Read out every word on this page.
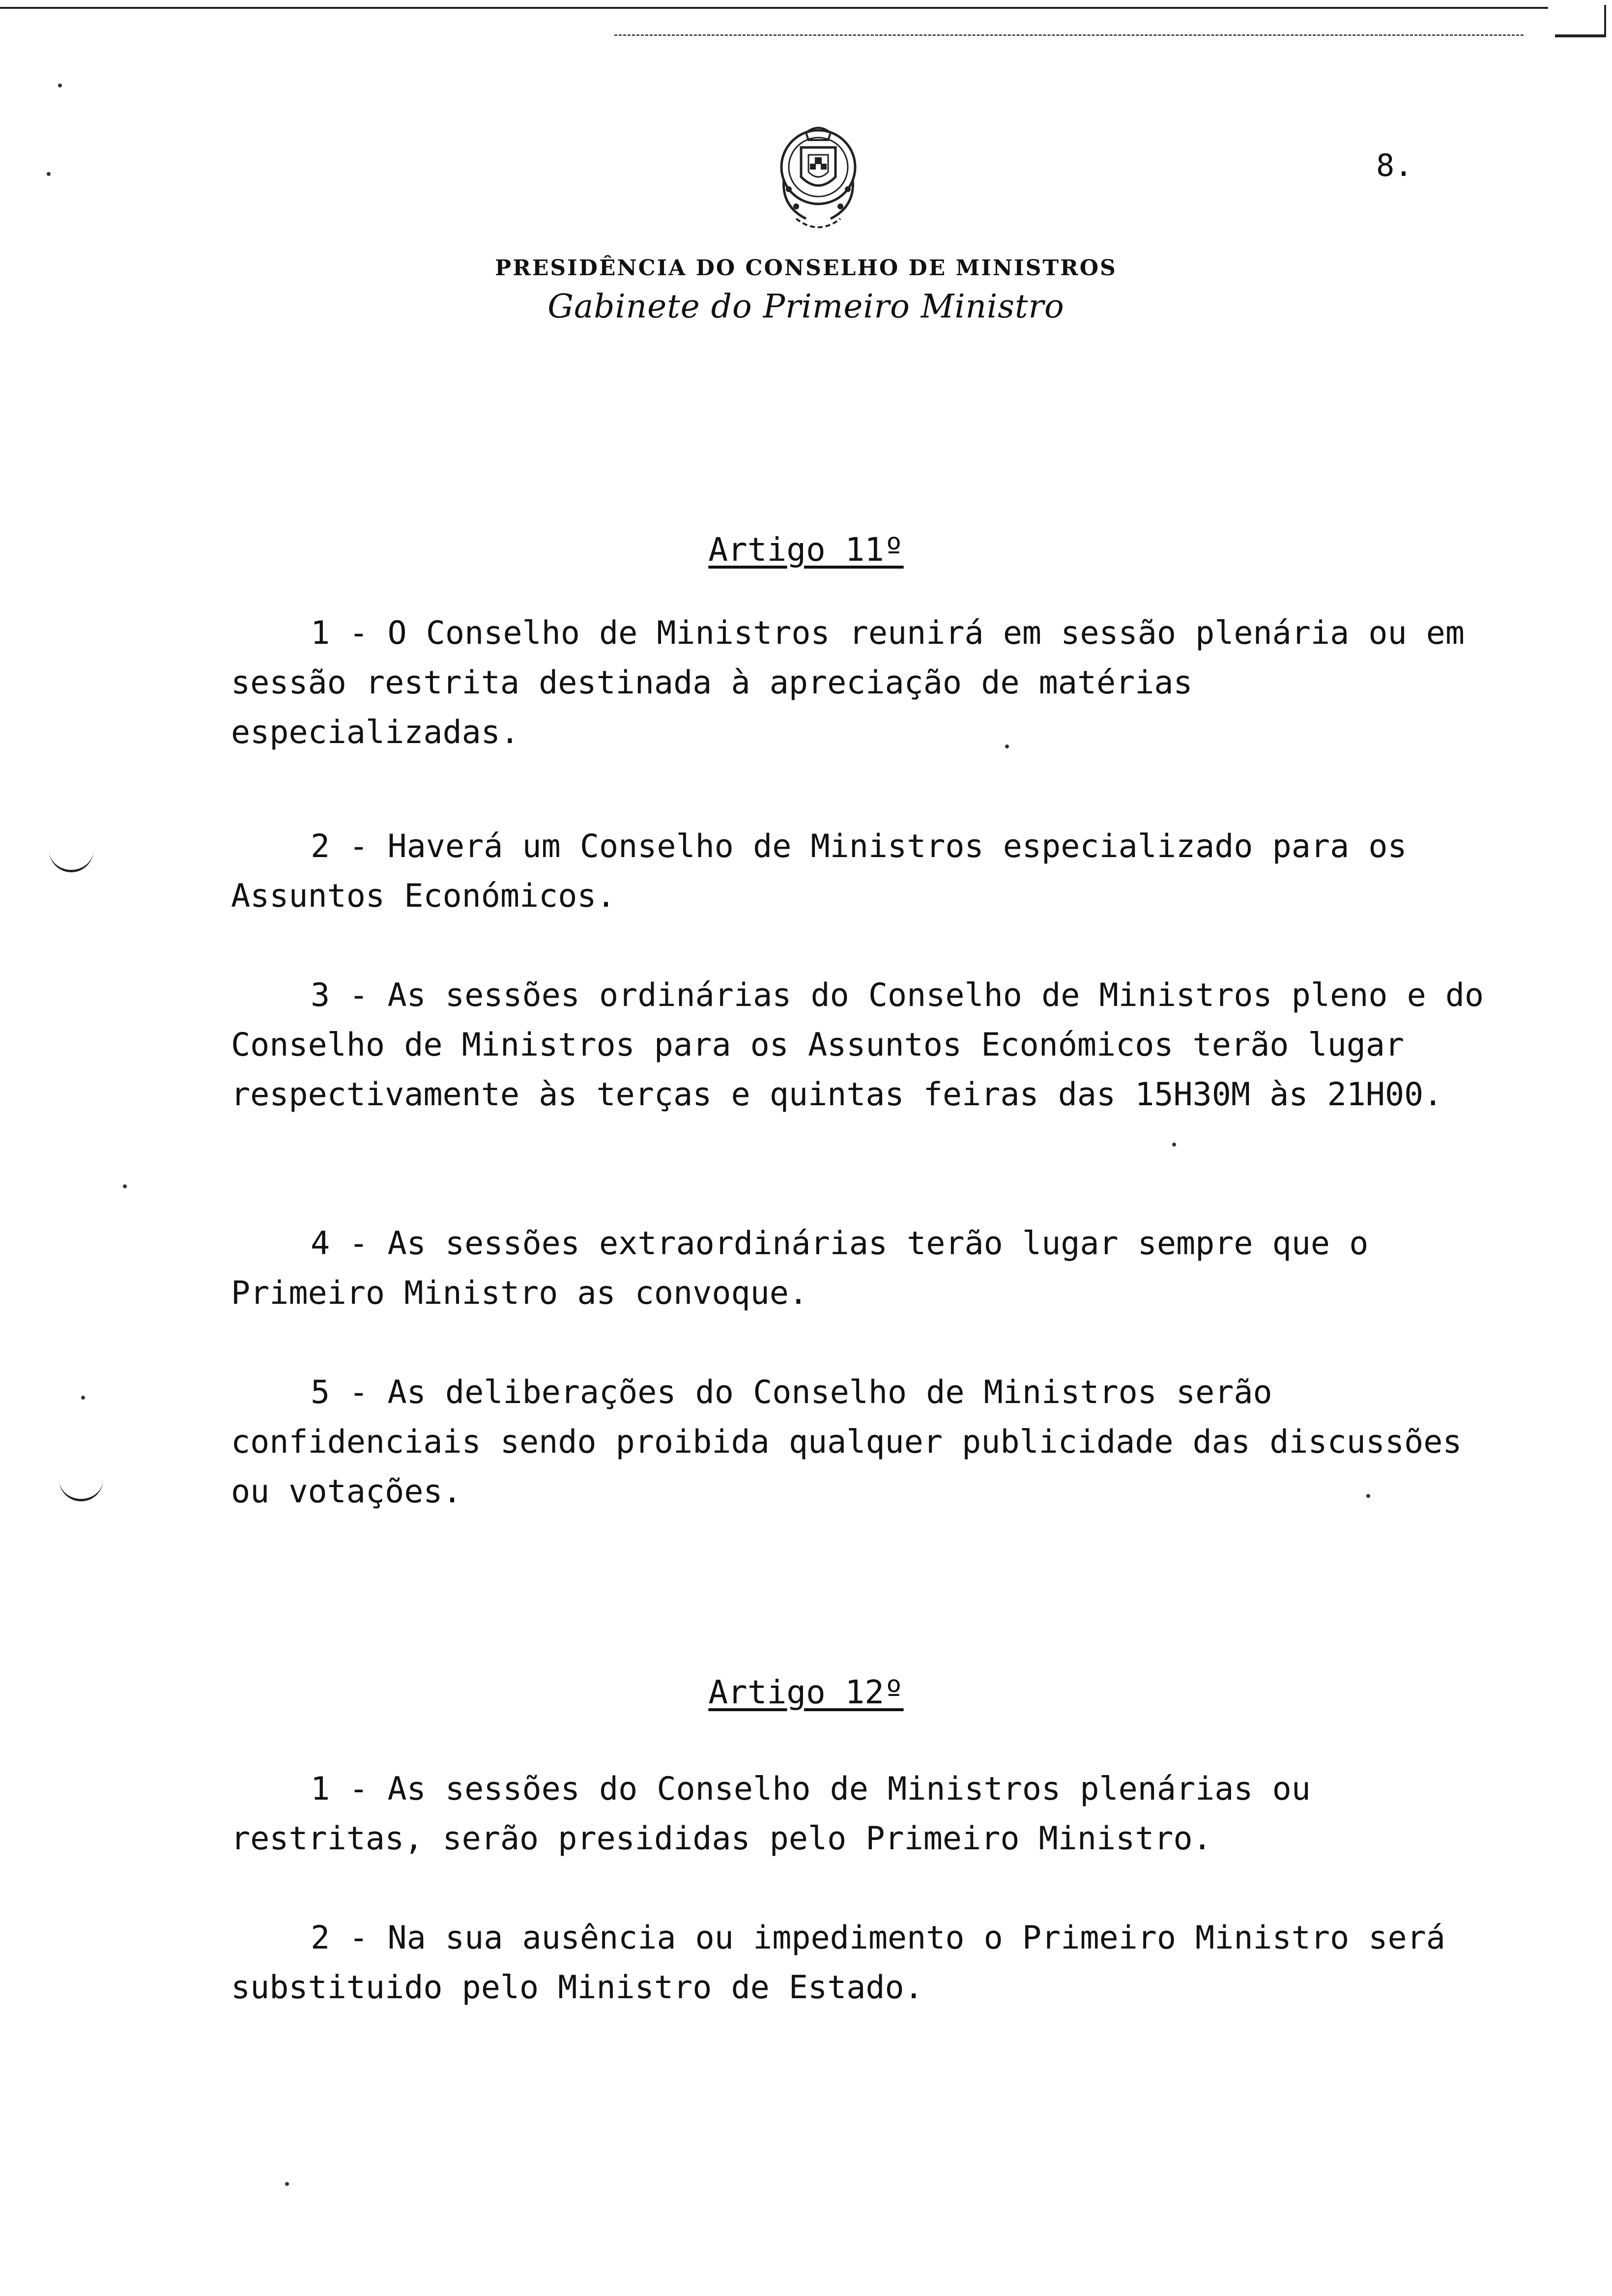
8.
PRESIDÊNCIA DO CONSELHO DE MINISTROS
Gabinete do Primeiro Ministro
Artigo 11º

1 - O Conselho de Ministros reunirá em sessão plenária ou em sessão restrita destinada à apreciação de matérias especializadas.

2 - Haverá um Conselho de Ministros especializado para os Assuntos Económicos.

3 - As sessões ordinárias do Conselho de Ministros pleno e do Conselho de Ministros para os Assuntos Económicos terão lugar respectivamente às terças e quintas feiras das 15H30M às 21H00.

4 - As sessões extraordinárias terão lugar sempre que o Primeiro Ministro as convoque.

5 - As deliberações do Conselho de Ministros serão confidenciais sendo proibida qualquer publicidade das discussões ou votações.

Artigo 12º

1 - As sessões do Conselho de Ministros plenárias ou restritas, serão presididas pelo Primeiro Ministro.

2 - Na sua ausência ou impedimento o Primeiro Ministro será substituido pelo Ministro de Estado.
